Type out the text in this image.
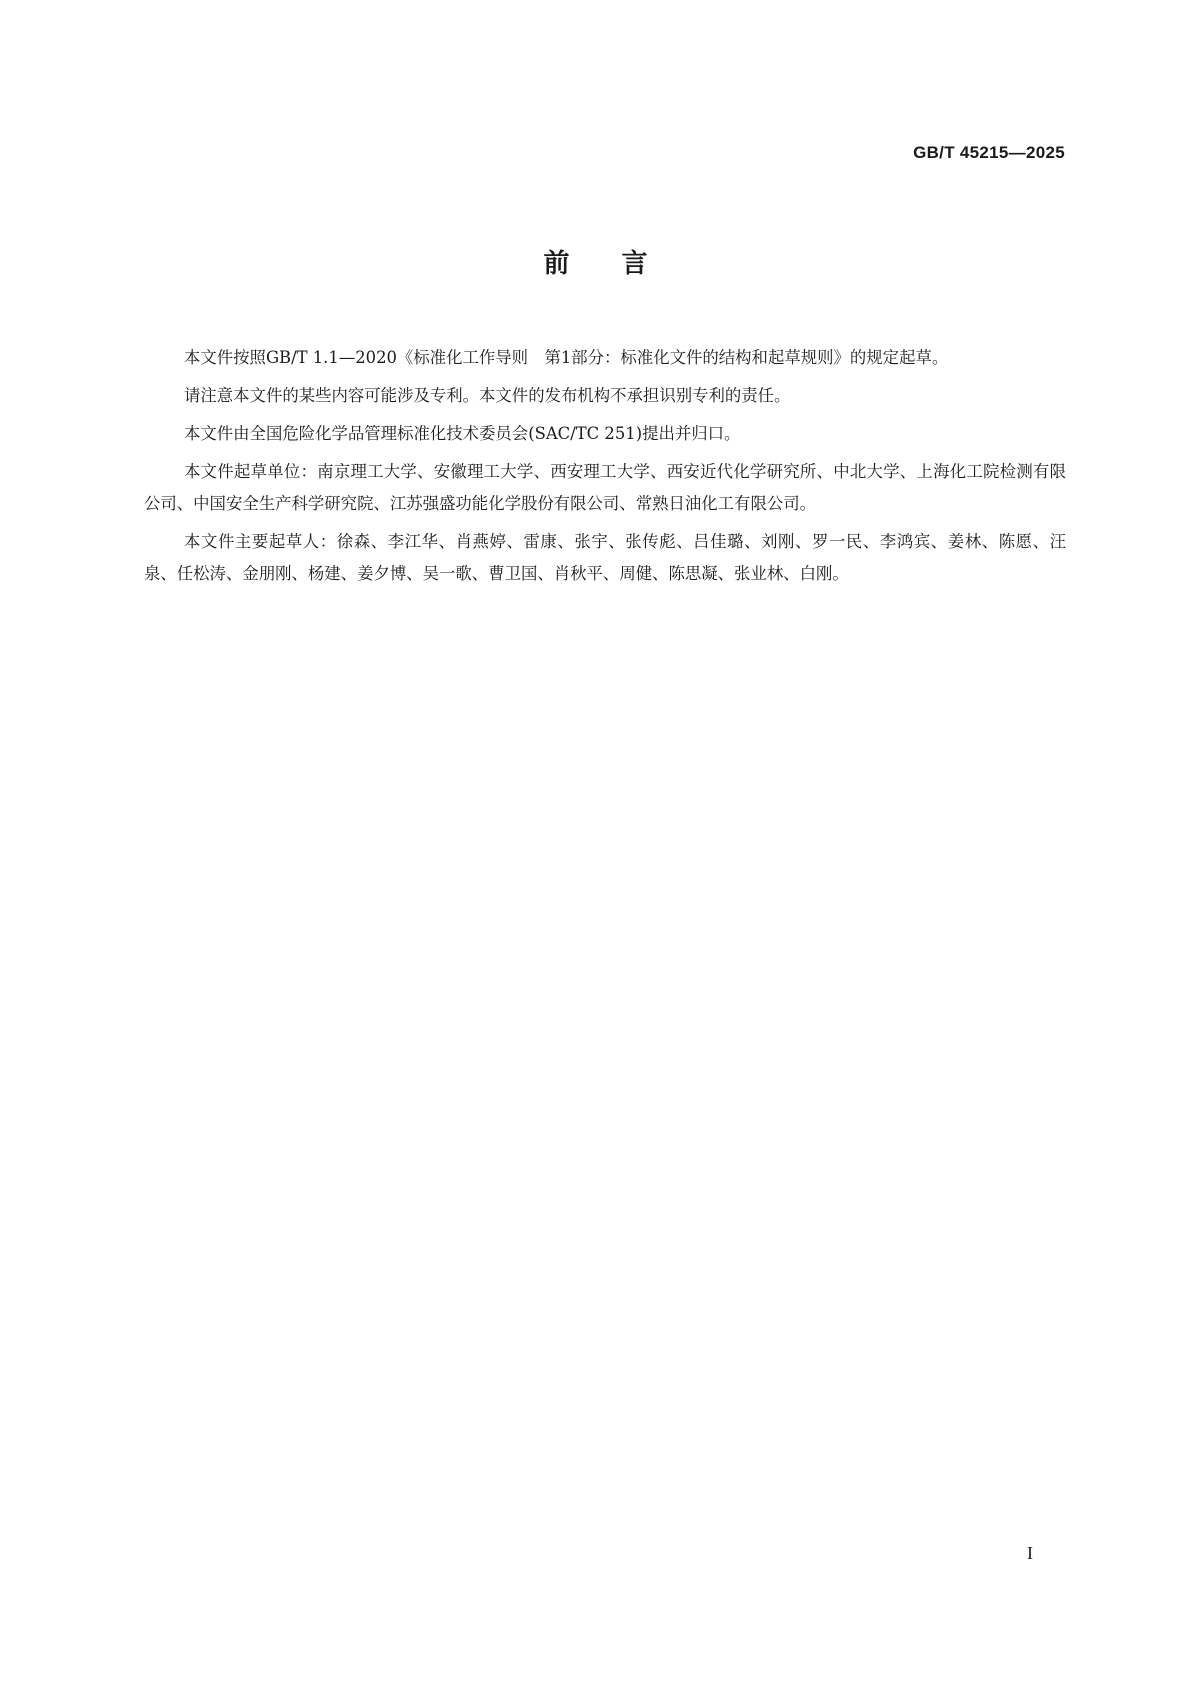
GB/T 45215—2025
前言

本文件按照GB/T 1.1—2020《标准化工作导则　第1部分：标准化文件的结构和起草规则》的规定起草。

请注意本文件的某些内容可能涉及专利。本文件的发布机构不承担识别专利的责任。

本文件由全国危险化学品管理标准化技术委员会(SAC/TC 251)提出并归口。

本文件起草单位：南京理工大学、安徽理工大学、西安理工大学、西安近代化学研究所、中北大学、上海化工院检测有限公司、中国安全生产科学研究院、江苏强盛功能化学股份有限公司、常熟日油化工有限公司。

本文件主要起草人：徐森、李江华、肖燕婷、雷康、张宇、张传彪、吕佳璐、刘刚、罗一民、李鸿宾、姜林、陈愿、汪泉、任松涛、金朋刚、杨建、姜夕博、吴一歌、曹卫国、肖秋平、周健、陈思凝、张业林、白刚。

I
